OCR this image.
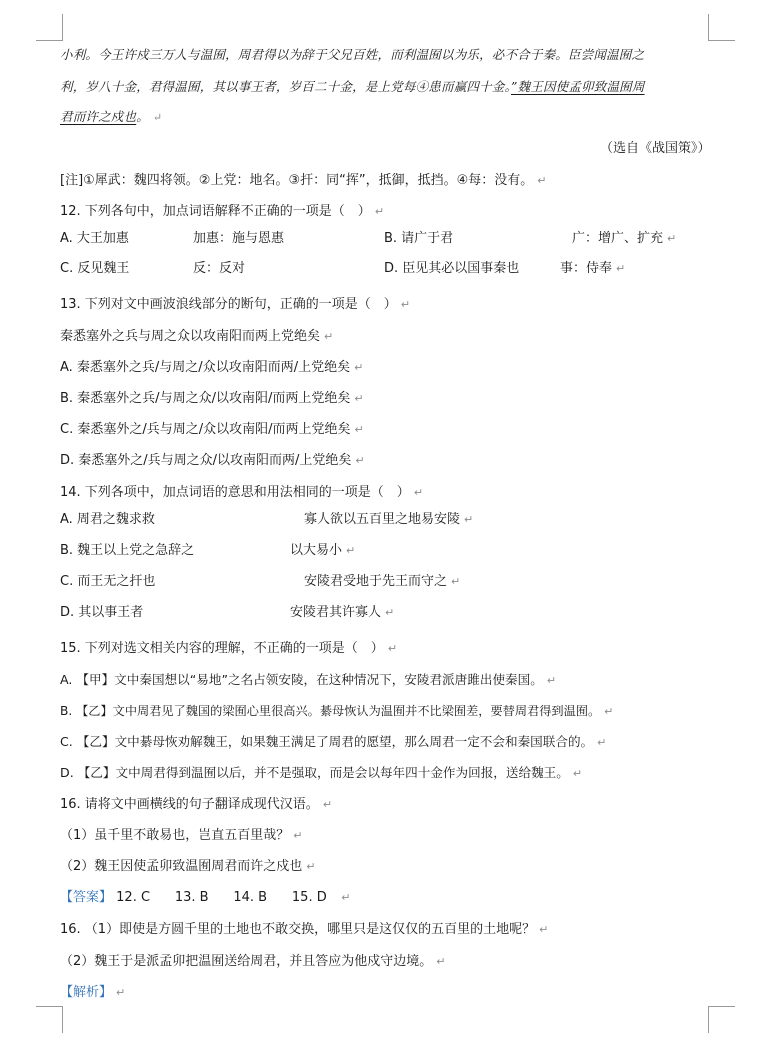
小利。今王许戍三万人与温囿，周君得以为辞于父兄百姓，而利温囿以为乐，必不合于秦。臣尝闻温囿之
利，岁八十金，君得温囿，其以事王者，岁百二十金，是上党每④患而赢四十金。”魏王因使孟卯致温囿周
君而许之戍也。 ↵
（选自《战国策》）
[注]①犀武：魏四将领。②上党：地名。③扞：同“挥”，抵御，抵挡。④每：没有。 ↵
12. 下列各句中，加点词语解释不正确的一项是（　） ↵
A. 大王加惠	加惠：施与恩惠	B. 请广于君	广：增广、扩充 ↵
C. 反见魏王	反：反对	D. 臣见其必以国事秦也	事：侍奉 ↵
13. 下列对文中画波浪线部分的断句，正确的一项是（　） ↵
秦悉塞外之兵与周之众以攻南阳而两上党绝矣 ↵
A. 秦悉塞外之兵/与周之/众以攻南阳而两/上党绝矣 ↵
B. 秦悉塞外之兵/与周之众/以攻南阳/而两上党绝矣 ↵
C. 秦悉塞外之/兵与周之/众以攻南阳/而两上党绝矣 ↵
D. 秦悉塞外之/兵与周之众/以攻南阳而两/上党绝矣 ↵
14. 下列各项中，加点词语的意思和用法相同的一项是（　） ↵
A. 周君之魏求救	寡人欲以五百里之地易安陵 ↵
B. 魏王以上党之急辞之	以大易小 ↵
C. 而王无之扞也	安陵君受地于先王而守之 ↵
D. 其以事王者	安陵君其许寡人 ↵
15. 下列对选文相关内容的理解，不正确的一项是（　） ↵
A. 【甲】文中秦国想以“易地”之名占领安陵，在这种情况下，安陵君派唐雎出使秦国。 ↵
B. 【乙】文中周君见了魏国的梁囿心里很高兴。綦母恢认为温囿并不比梁囿差，要替周君得到温囿。 ↵
C. 【乙】文中綦母恢劝解魏王，如果魏王满足了周君的愿望，那么周君一定不会和秦国联合的。 ↵
D. 【乙】文中周君得到温囿以后，并不是强取，而是会以每年四十金作为回报，送给魏王。 ↵
16. 请将文中画横线的句子翻译成现代汉语。 ↵
（1）虽千里不敢易也，岂直五百里哉？ ↵
（2）魏王因使孟卯致温囿周君而许之戍也 ↵
【答案】 12. C 13. B 14. B 15. D   ↵
16. （1）即使是方圆千里的土地也不敢交换，哪里只是这仅仅的五百里的土地呢？ ↵
（2）魏王于是派孟卯把温囿送给周君，并且答应为他戍守边境。 ↵
【解析】 ↵
